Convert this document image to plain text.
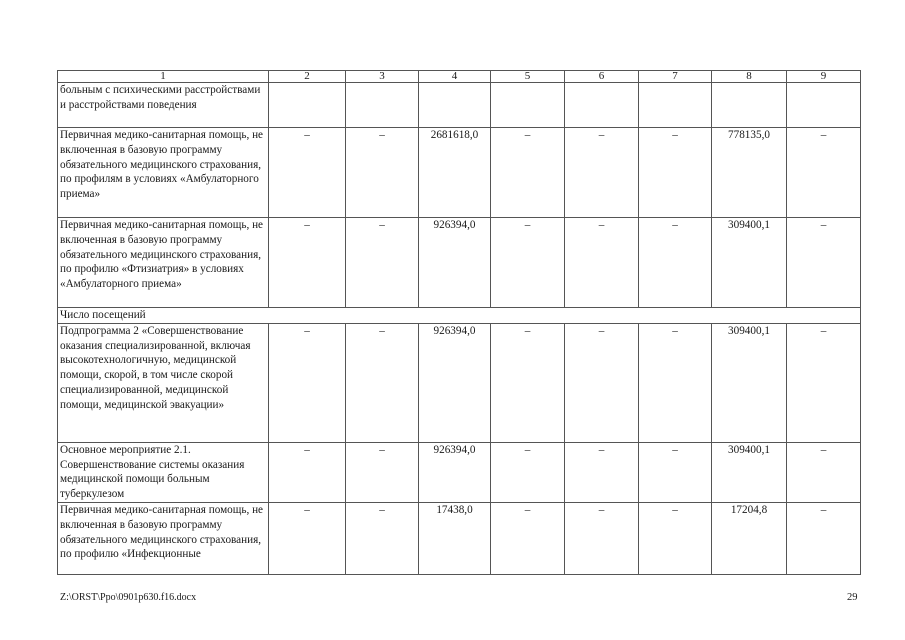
1	2	3	4	5	6	7	8	9
больным с психическими расстройствами и расстройствами поведения								
Первичная медико-санитарная помощь, не включенная в базовую программу обязательного медицинского страхования, по профилям в условиях «Амбулаторного приема»	–	–	2681618,0	–	–	–	778135,0	–
Первичная медико-санитарная помощь, не включенная в базовую программу обязательного медицинского страхования, по профилю «Фтизиатрия» в условиях «Амбулаторного приема»	–	–	926394,0	–	–	–	309400,1	–
Число посещений								
Подпрограмма 2 «Совершенствование оказания специализированной, включая высокотехнологичную, медицинской помощи, скорой, в том числе скорой специализированной, медицинской помощи, медицинской эвакуации»	–	–	926394,0	–	–	–	309400,1	–
Основное мероприятие 2.1. Совершенствование системы оказания медицинской помощи больным туберкулезом	–	–	926394,0	–	–	–	309400,1	–
Первичная медико-санитарная помощь, не включенная в базовую программу обязательного медицинского страхования, по профилю «Инфекционные	–	–	17438,0	–	–	–	17204,8	–
Z:\ORST\Ppo\0901p630.f16.docx	29
